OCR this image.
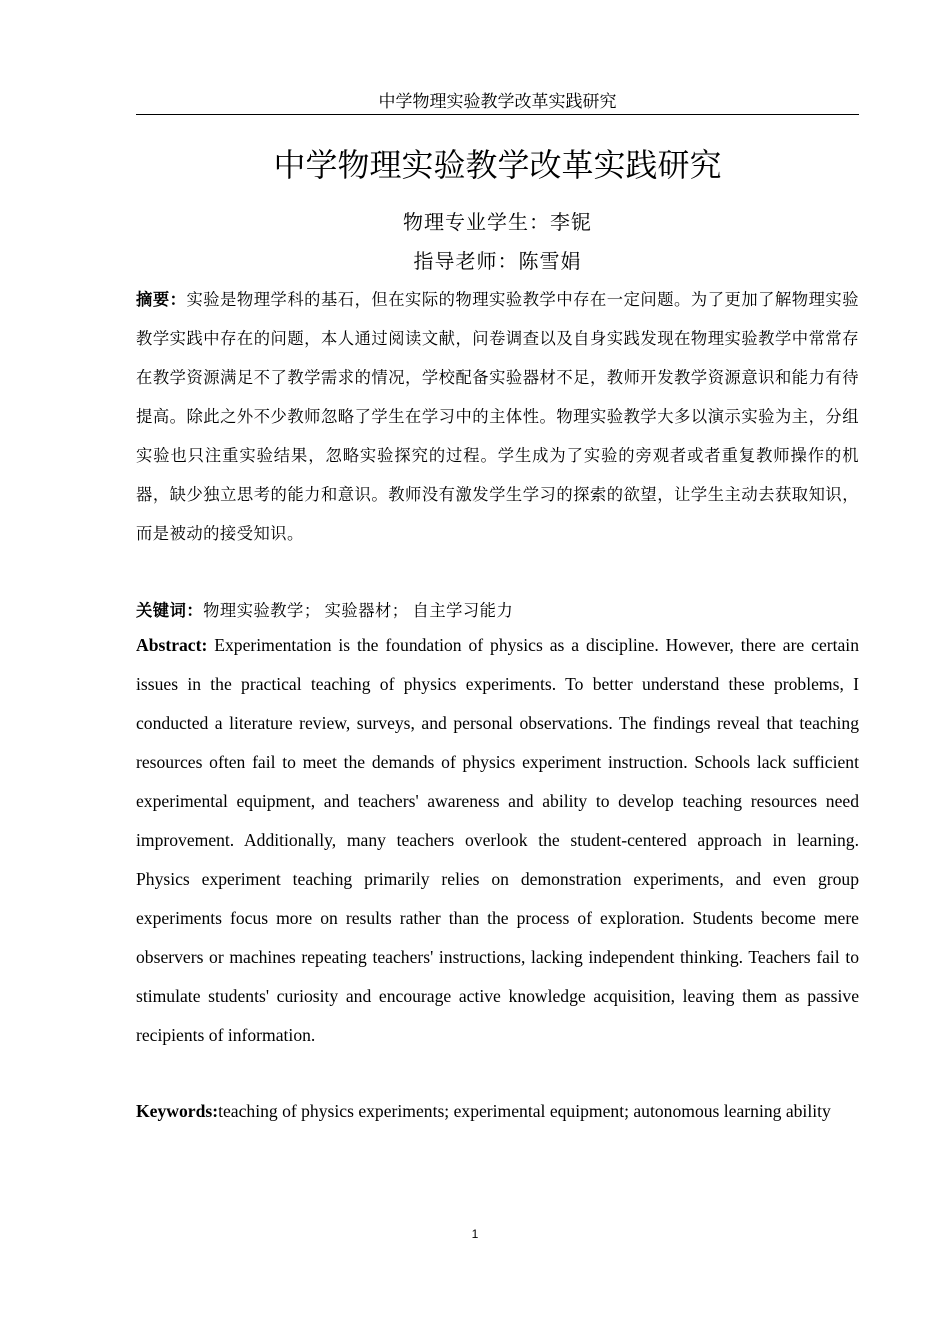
中学物理实验教学改革实践研究
中学物理实验教学改革实践研究
物理专业学生：李铌
指导老师：陈雪娟
摘要：实验是物理学科的基石，但在实际的物理实验教学中存在一定问题。为了更加了解物理实验教学实践中存在的问题，本人通过阅读文献，问卷调查以及自身实践发现在物理实验教学中常常存在教学资源满足不了教学需求的情况，学校配备实验器材不足，教师开发教学资源意识和能力有待提高。除此之外不少教师忽略了学生在学习中的主体性。物理实验教学大多以演示实验为主，分组实验也只注重实验结果，忽略实验探究的过程。学生成为了实验的旁观者或者重复教师操作的机器，缺少独立思考的能力和意识。教师没有激发学生学习的探索的欲望，让学生主动去获取知识，而是被动的接受知识。
关键词：物理实验教学； 实验器材； 自主学习能力
Abstract: Experimentation is the foundation of physics as a discipline. However, there are certain issues in the practical teaching of physics experiments. To better understand these problems, I conducted a literature review, surveys, and personal observations. The findings reveal that teaching resources often fail to meet the demands of physics experiment instruction. Schools lack sufficient experimental equipment, and teachers' awareness and ability to develop teaching resources need improvement. Additionally, many teachers overlook the student-centered approach in learning. Physics experiment teaching primarily relies on demonstration experiments, and even group experiments focus more on results rather than the process of exploration. Students become mere observers or machines repeating teachers' instructions, lacking independent thinking. Teachers fail to stimulate students' curiosity and encourage active knowledge acquisition, leaving them as passive recipients of information.
Keywords:teaching of physics experiments; experimental equipment; autonomous learning ability
1
